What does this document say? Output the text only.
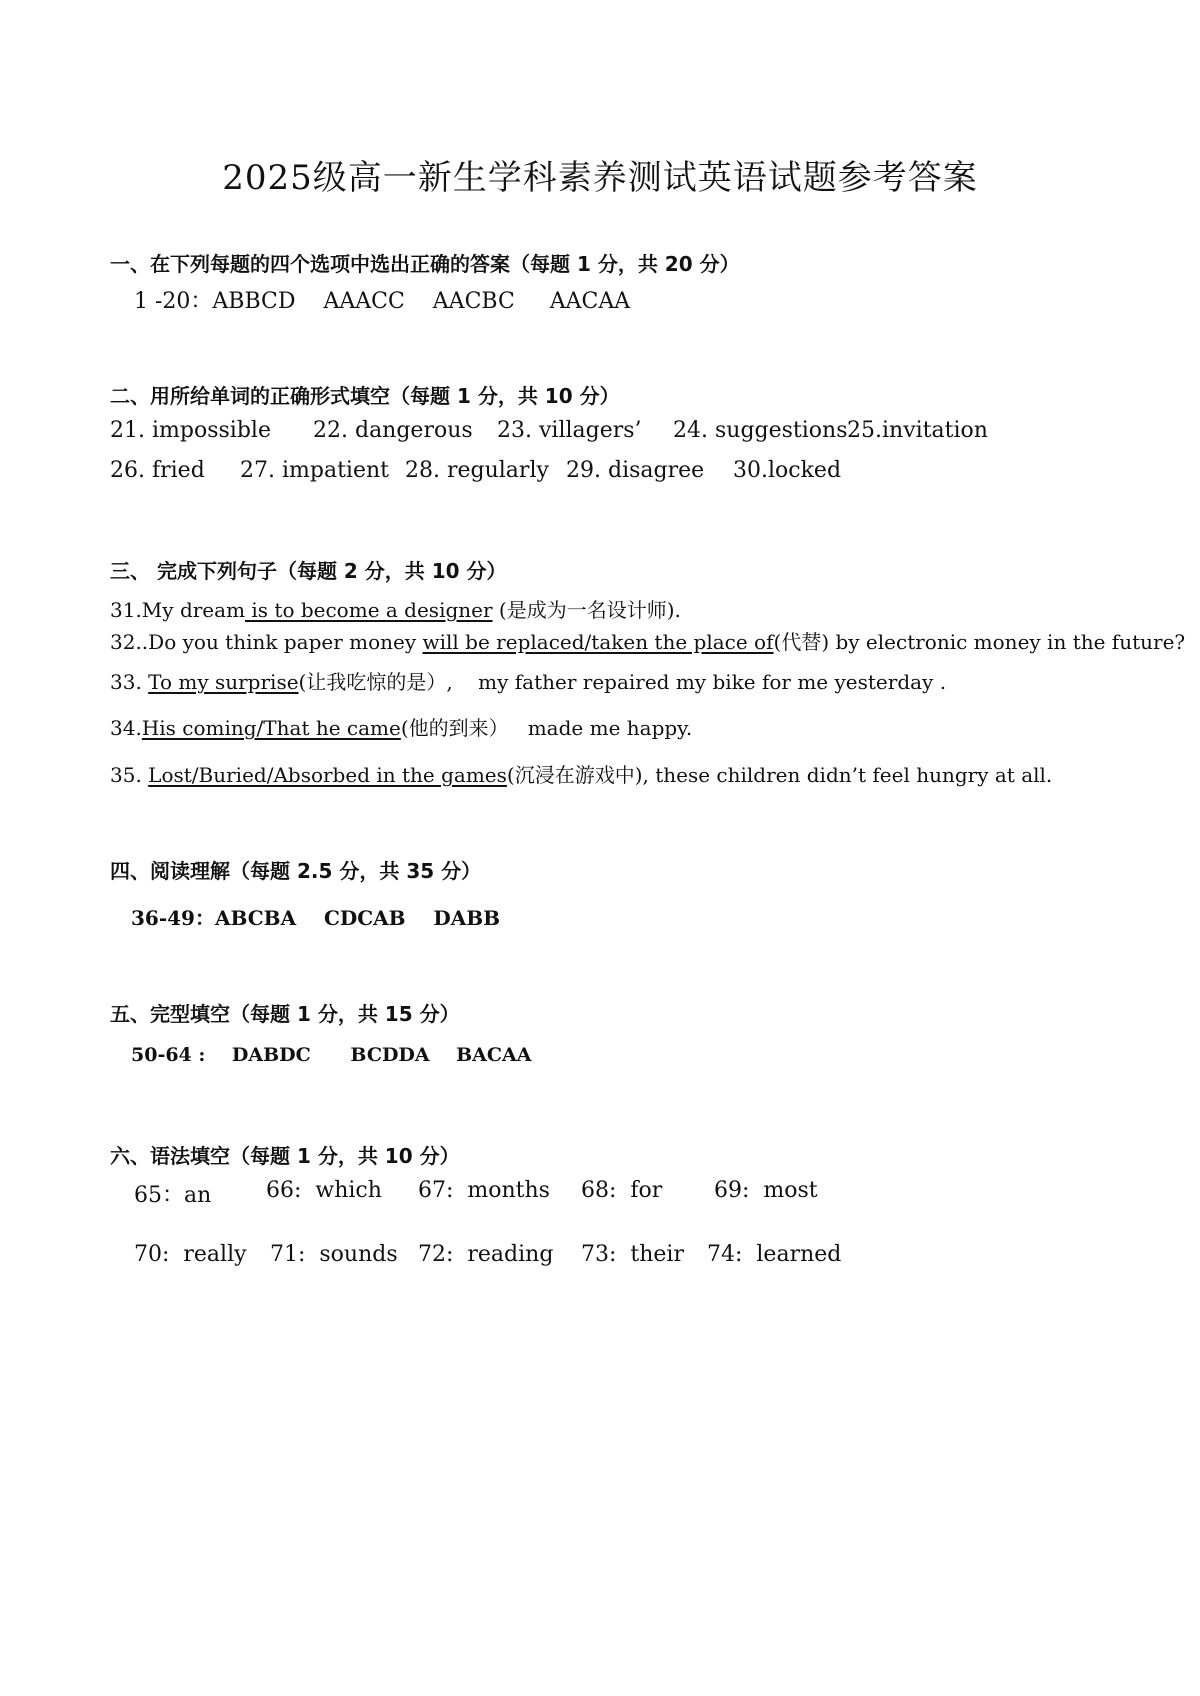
2025级高一新生学科素养测试英语试题参考答案
一、在下列每题的四个选项中选出正确的答案（每题 1 分，共 20 分）
1 -20：ABBCD    AAACC    AACBC     AACAA
二、用所给单词的正确形式填空（每题 1 分，共 10 分）
21. impossible 22. dangerous 23. villagers’ 24. suggestions 25.invitation
26. fried 27. impatient 28. regularly 29. disagree 30.locked
三、 完成下列句子（每题 2 分，共 10 分）
31.My dream is to become a designer (是成为一名设计师).
32..Do you think paper money will be replaced/taken the place of(代替) by electronic money in the future?
33. To my surprise(让我吃惊的是）,    my father repaired my bike for me yesterday .
34.His coming/That he came(他的到来）   made me happy.
35. Lost/Buried/Absorbed in the games(沉浸在游戏中), these children didn’t feel hungry at all.
四、阅读理解（每题 2.5 分，共 35 分）
36-49：ABCBA    CDCAB    DABB
五、完型填空（每题 1 分，共 15 分）
50-64 :    DABDC      BCDDA    BACAA
六、语法填空（每题 1 分，共 10 分）
65：an 66:  which 67:  months 68:  for 69:  most
70:  really 71:  sounds 72:  reading 73:  their 74:  learned
